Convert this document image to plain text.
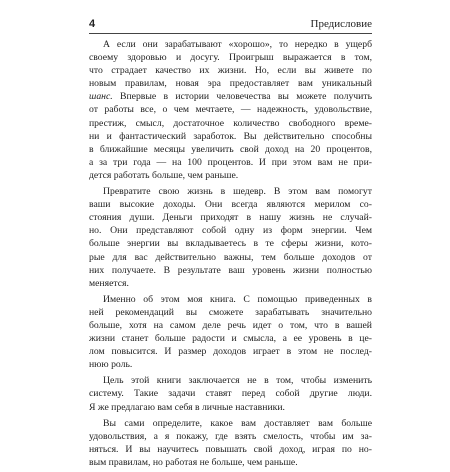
4	Предисловие

А если они зарабатывают «хорошо», то нередко в ущерб
своему здоровью и досугу. Проигрыш выражается в том,
что страдает качество их жизни. Но, если вы живете по
новым правилам, новая эра предоставляет вам уникальный
шанс. Впервые в истории человечества вы можете получить
от работы все, о чем мечтаете, — надежность, удовольствие,
престиж, смысл, достаточное количество свободного време-
ни и фантастический заработок. Вы действительно способны
в ближайшие месяцы увеличить свой доход на 20 процентов,
а за три года — на 100 процентов. И при этом вам не при-
дется работать больше, чем раньше.

Превратите свою жизнь в шедевр. В этом вам помогут
ваши высокие доходы. Они всегда являются мерилом со-
стояния души. Деньги приходят в нашу жизнь не случай-
но. Они представляют собой одну из форм энергии. Чем
больше энергии вы вкладываетесь в те сферы жизни, кото-
рые для вас действительно важны, тем больше доходов от
них получаете. В результате ваш уровень жизни полностью
меняется.

Именно об этом моя книга. С помощью приведенных в
ней рекомендаций вы сможете зарабатывать значительно
больше, хотя на самом деле речь идет о том, что в вашей
жизни станет больше радости и смысла, а ее уровень в це-
лом повысится. И размер доходов играет в этом не послед-
нюю роль.

Цель этой книги заключается не в том, чтобы изменить
систему. Такие задачи ставят перед собой другие люди.
Я же предлагаю вам себя в личные наставники.

Вы сами определите, какое вам доставляет вам больше
удовольствия, а я покажу, где взять смелость, чтобы им за-
няться. И вы научитесь повышать свой доход, играя по но-
вым правилам, но работая не больше, чем раньше.
